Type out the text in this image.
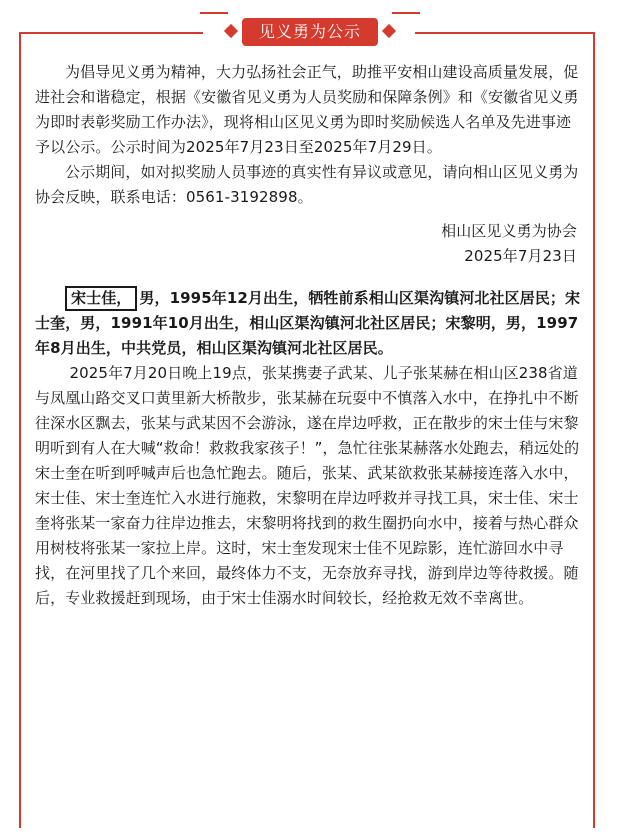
见义勇为公示

为倡导见义勇为精神，大力弘扬社会正气，助推平安相山建设高质量发展，促进社会和谐稳定，根据《安徽省见义勇为人员奖励和保障条例》和《安徽省见义勇为即时表彰奖励工作办法》，现将相山区见义勇为即时奖励候选人名单及先进事迹予以公示。公示时间为2025年7月23日至2025年7月29日。

公示期间，如对拟奖励人员事迹的真实性有异议或意见，请向相山区见义勇为协会反映，联系电话：0561-3192898。

相山区见义勇为协会

2025年7月23日

宋士佳， 男，1995年12月出生，牺牲前系相山区渠沟镇河北社区居民；宋士奎，男，1991年10月出生，相山区渠沟镇河北社区居民；宋黎明，男，1997年8月出生，中共党员，相山区渠沟镇河北社区居民。

2025年7月20日晚上19点，张某携妻子武某、儿子张某赫在相山区238省道与凤凰山路交叉口黄里新大桥散步，张某赫在玩耍中不慎落入水中，在挣扎中不断往深水区飘去，张某与武某因不会游泳，遂在岸边呼救，正在散步的宋士佳与宋黎明听到有人在大喊“救命！救救我家孩子！”，急忙往张某赫落水处跑去，稍远处的宋士奎在听到呼喊声后也急忙跑去。随后，张某、武某欲救张某赫接连落入水中，宋士佳、宋士奎连忙入水进行施救，宋黎明在岸边呼救并寻找工具，宋士佳、宋士奎将张某一家奋力往岸边推去，宋黎明将找到的救生圈扔向水中，接着与热心群众用树枝将张某一家拉上岸。这时，宋士奎发现宋士佳不见踪影，连忙游回水中寻找，在河里找了几个来回，最终体力不支，无奈放弃寻找，游到岸边等待救援。随后，专业救援赶到现场，由于宋士佳溺水时间较长，经抢救无效不幸离世。
